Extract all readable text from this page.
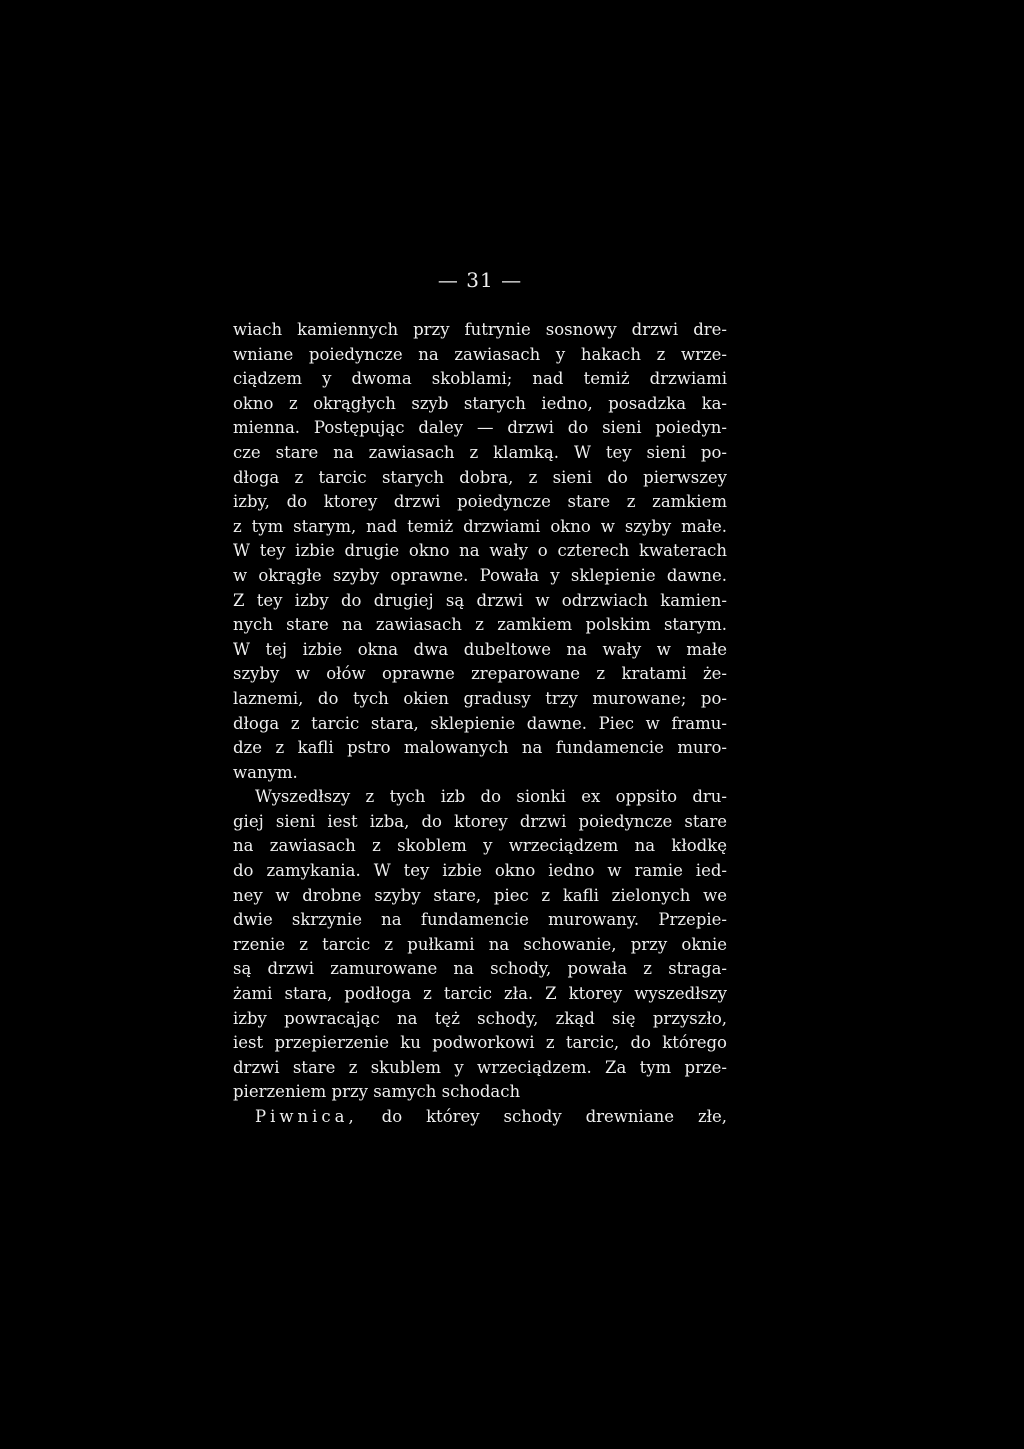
— 31 —
wiach kamiennych przy futrynie sosnowy drzwi dre-
wniane poiedyncze na zawiasach y hakach z wrze-
ciądzem y dwoma skoblami; nad temiż drzwiami
okno z okrągłych szyb starych iedno, posadzka ka-
mienna. Postępując daley — drzwi do sieni poiedyn-
cze stare na zawiasach z klamką. W tey sieni po-
dłoga z tarcic starych dobra, z sieni do pierwszey
izby, do ktorey drzwi poiedyncze stare z zamkiem
z tym starym, nad temiż drzwiami okno w szyby małe.
W tey izbie drugie okno na wały o czterech kwaterach
w okrągłe szyby oprawne. Powała y sklepienie dawne.
Z tey izby do drugiej są drzwi w odrzwiach kamien-
nych stare na zawiasach z zamkiem polskim starym.
W tej izbie okna dwa dubeltowe na wały w małe
szyby w ołów oprawne zreparowane z kratami że-
laznemi, do tych okien gradusy trzy murowane; po-
dłoga z tarcic stara, sklepienie dawne. Piec w framu-
dze z kafli pstro malowanych na fundamencie muro-
wanym.
Wyszedłszy z tych izb do sionki ex oppsito dru-
giej sieni iest izba, do ktorey drzwi poiedyncze stare
na zawiasach z skoblem y wrzeciądzem na kłodkę
do zamykania. W tey izbie okno iedno w ramie ied-
ney w drobne szyby stare, piec z kafli zielonych we
dwie skrzynie na fundamencie murowany. Przepie-
rzenie z tarcic z pułkami na schowanie, przy oknie
są drzwi zamurowane na schody, powała z straga-
żami stara, podłoga z tarcic zła. Z ktorey wyszedłszy
izby powracając na tęż schody, zkąd się przyszło,
iest przepierzenie ku podworkowi z tarcic, do którego
drzwi stare z skublem y wrzeciądzem. Za tym prze-
pierzeniem przy samych schodach
Piwnica, do którey schody drewniane złe,
